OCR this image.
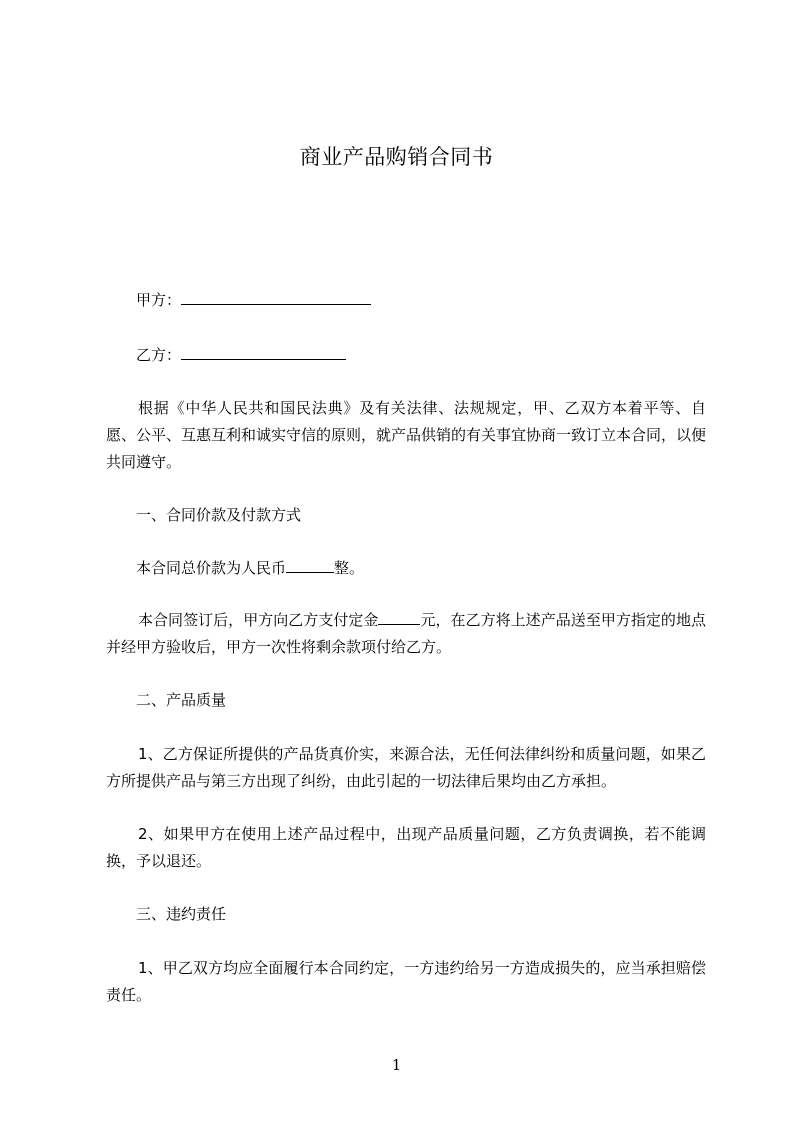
商业产品购销合同书
甲方：
乙方：
根据《中华人民共和国民法典》及有关法律、法规规定，甲、乙双方本着平等、自愿、公平、互惠互利和诚实守信的原则，就产品供销的有关事宜协商一致订立本合同，以便共同遵守。
一、合同价款及付款方式
本合同总价款为人民币	整。
本合同签订后，甲方向乙方支付定金	元，在乙方将上述产品送至甲方指定的地点并经甲方验收后，甲方一次性将剩余款项付给乙方。
二、产品质量
1、乙方保证所提供的产品货真价实，来源合法，无任何法律纠纷和质量问题，如果乙方所提供产品与第三方出现了纠纷，由此引起的一切法律后果均由乙方承担。
2、如果甲方在使用上述产品过程中，出现产品质量问题，乙方负责调换，若不能调换，予以退还。
三、违约责任
1、甲乙双方均应全面履行本合同约定，一方违约给另一方造成损失的，应当承担赔偿责任。
1
